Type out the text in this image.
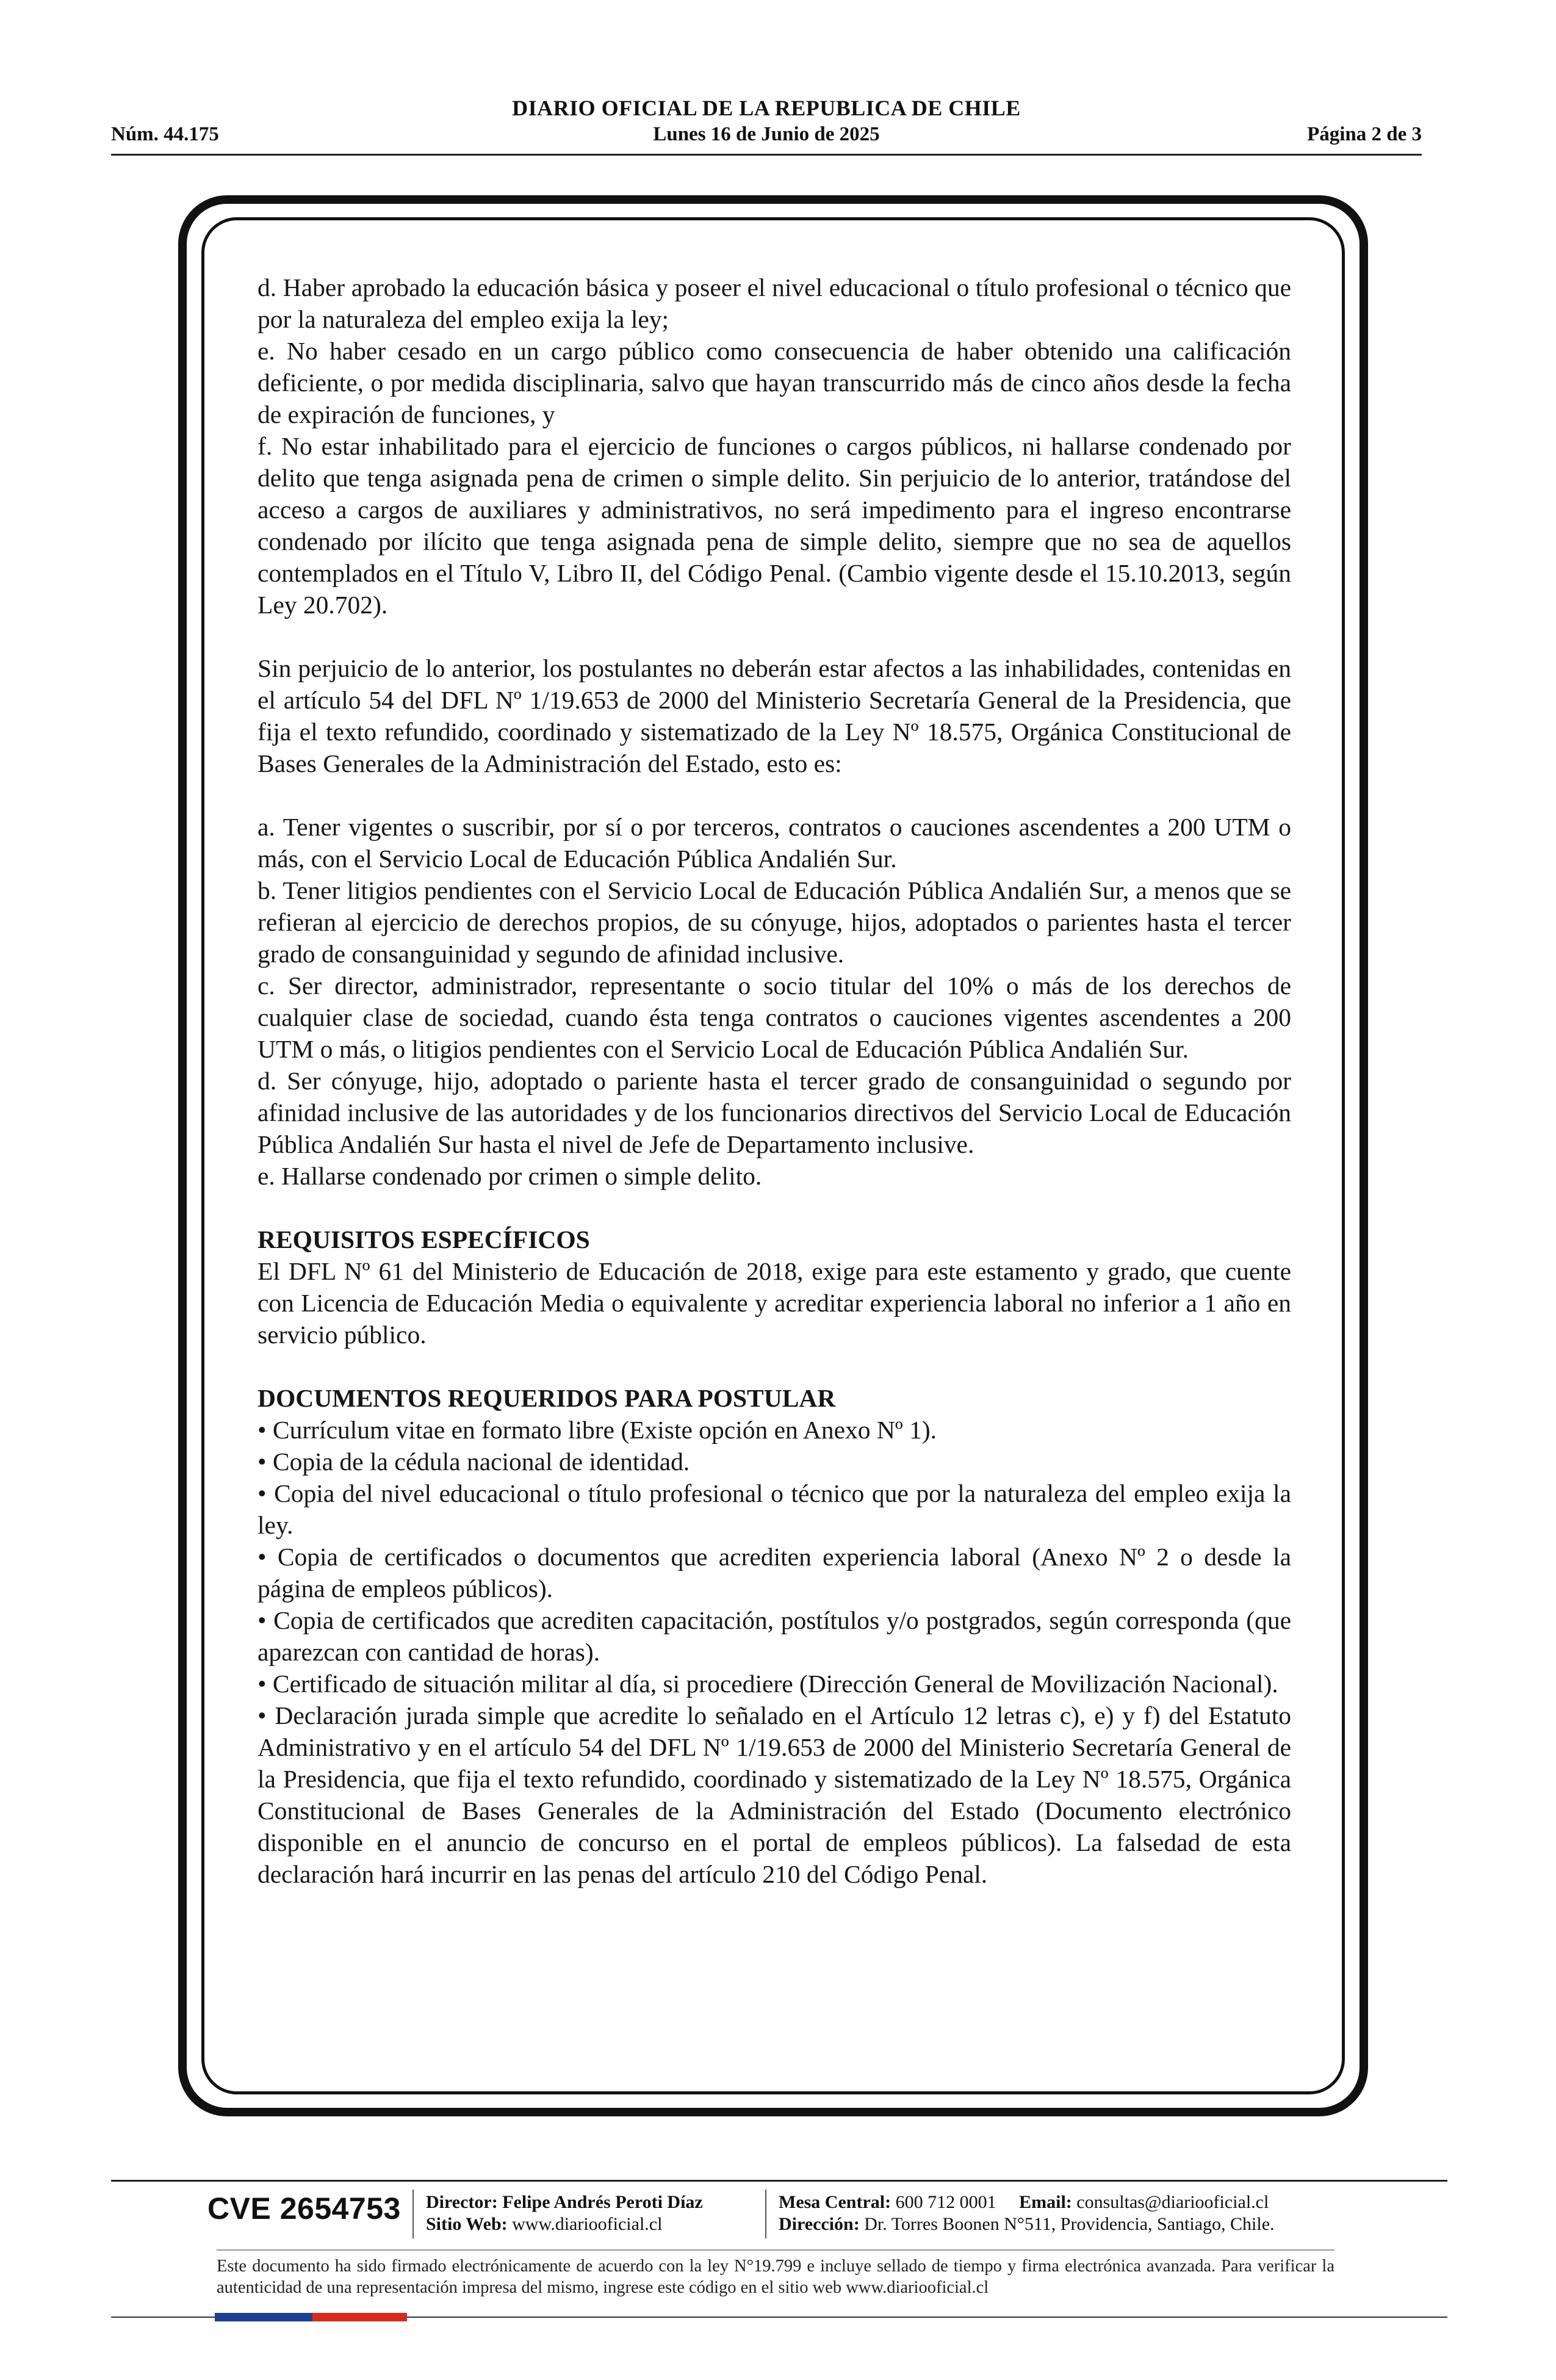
DIARIO OFICIAL DE LA REPUBLICA DE CHILE
Núm. 44.175	Lunes 16 de Junio de 2025	Página 2 de 3

d. Haber aprobado la educación básica y poseer el nivel educacional o título profesional o técnico que por la naturaleza del empleo exija la ley;

e. No haber cesado en un cargo público como consecuencia de haber obtenido una calificación deficiente, o por medida disciplinaria, salvo que hayan transcurrido más de cinco años desde la fecha de expiración de funciones, y

f. No estar inhabilitado para el ejercicio de funciones o cargos públicos, ni hallarse condenado por delito que tenga asignada pena de crimen o simple delito. Sin perjuicio de lo anterior, tratándose del acceso a cargos de auxiliares y administrativos, no será impedimento para el ingreso encontrarse condenado por ilícito que tenga asignada pena de simple delito, siempre que no sea de aquellos contemplados en el Título V, Libro II, del Código Penal. (Cambio vigente desde el 15.10.2013, según Ley 20.702).

Sin perjuicio de lo anterior, los postulantes no deberán estar afectos a las inhabilidades, contenidas en el artículo 54 del DFL Nº 1/19.653 de 2000 del Ministerio Secretaría General de la Presidencia, que fija el texto refundido, coordinado y sistematizado de la Ley Nº 18.575, Orgánica Constitucional de Bases Generales de la Administración del Estado, esto es:

a. Tener vigentes o suscribir, por sí o por terceros, contratos o cauciones ascendentes a 200 UTM o más, con el Servicio Local de Educación Pública Andalién Sur.

b. Tener litigios pendientes con el Servicio Local de Educación Pública Andalién Sur, a menos que se refieran al ejercicio de derechos propios, de su cónyuge, hijos, adoptados o parientes hasta el tercer grado de consanguinidad y segundo de afinidad inclusive.

c. Ser director, administrador, representante o socio titular del 10% o más de los derechos de cualquier clase de sociedad, cuando ésta tenga contratos o cauciones vigentes ascendentes a 200 UTM o más, o litigios pendientes con el Servicio Local de Educación Pública Andalién Sur.

d. Ser cónyuge, hijo, adoptado o pariente hasta el tercer grado de consanguinidad o segundo por afinidad inclusive de las autoridades y de los funcionarios directivos del Servicio Local de Educación Pública Andalién Sur hasta el nivel de Jefe de Departamento inclusive.

e. Hallarse condenado por crimen o simple delito.

REQUISITOS ESPECÍFICOS

El DFL Nº 61 del Ministerio de Educación de 2018, exige para este estamento y grado, que cuente con Licencia de Educación Media o equivalente y acreditar experiencia laboral no inferior a 1 año en servicio público.

DOCUMENTOS REQUERIDOS PARA POSTULAR

• Currículum vitae en formato libre (Existe opción en Anexo Nº 1).

• Copia de la cédula nacional de identidad.

• Copia del nivel educacional o título profesional o técnico que por la naturaleza del empleo exija la ley.

• Copia de certificados o documentos que acrediten experiencia laboral (Anexo Nº 2 o desde la página de empleos públicos).

• Copia de certificados que acrediten capacitación, postítulos y/o postgrados, según corresponda (que aparezcan con cantidad de horas).

• Certificado de situación militar al día, si procediere (Dirección General de Movilización Nacional).

• Declaración jurada simple que acredite lo señalado en el Artículo 12 letras c), e) y f) del Estatuto Administrativo y en el artículo 54 del DFL Nº 1/19.653 de 2000 del Ministerio Secretaría General de la Presidencia, que fija el texto refundido, coordinado y sistematizado de la Ley Nº 18.575, Orgánica Constitucional de Bases Generales de la Administración del Estado (Documento electrónico disponible en el anuncio de concurso en el portal de empleos públicos). La falsedad de esta declaración hará incurrir en las penas del artículo 210 del Código Penal.

CVE 2654753 Director: Felipe Andrés Peroti Díaz
Sitio Web: www.diariooficial.cl
Mesa Central: 600 712 0001 Email: consultas@diariooficial.cl
Dirección: Dr. Torres Boonen N°511, Providencia, Santiago, Chile.
Este documento ha sido firmado electrónicamente de acuerdo con la ley N°19.799 e incluye sellado de tiempo y firma electrónica avanzada. Para verificar la autenticidad de una representación impresa del mismo, ingrese este código en el sitio web www.diariooficial.cl
